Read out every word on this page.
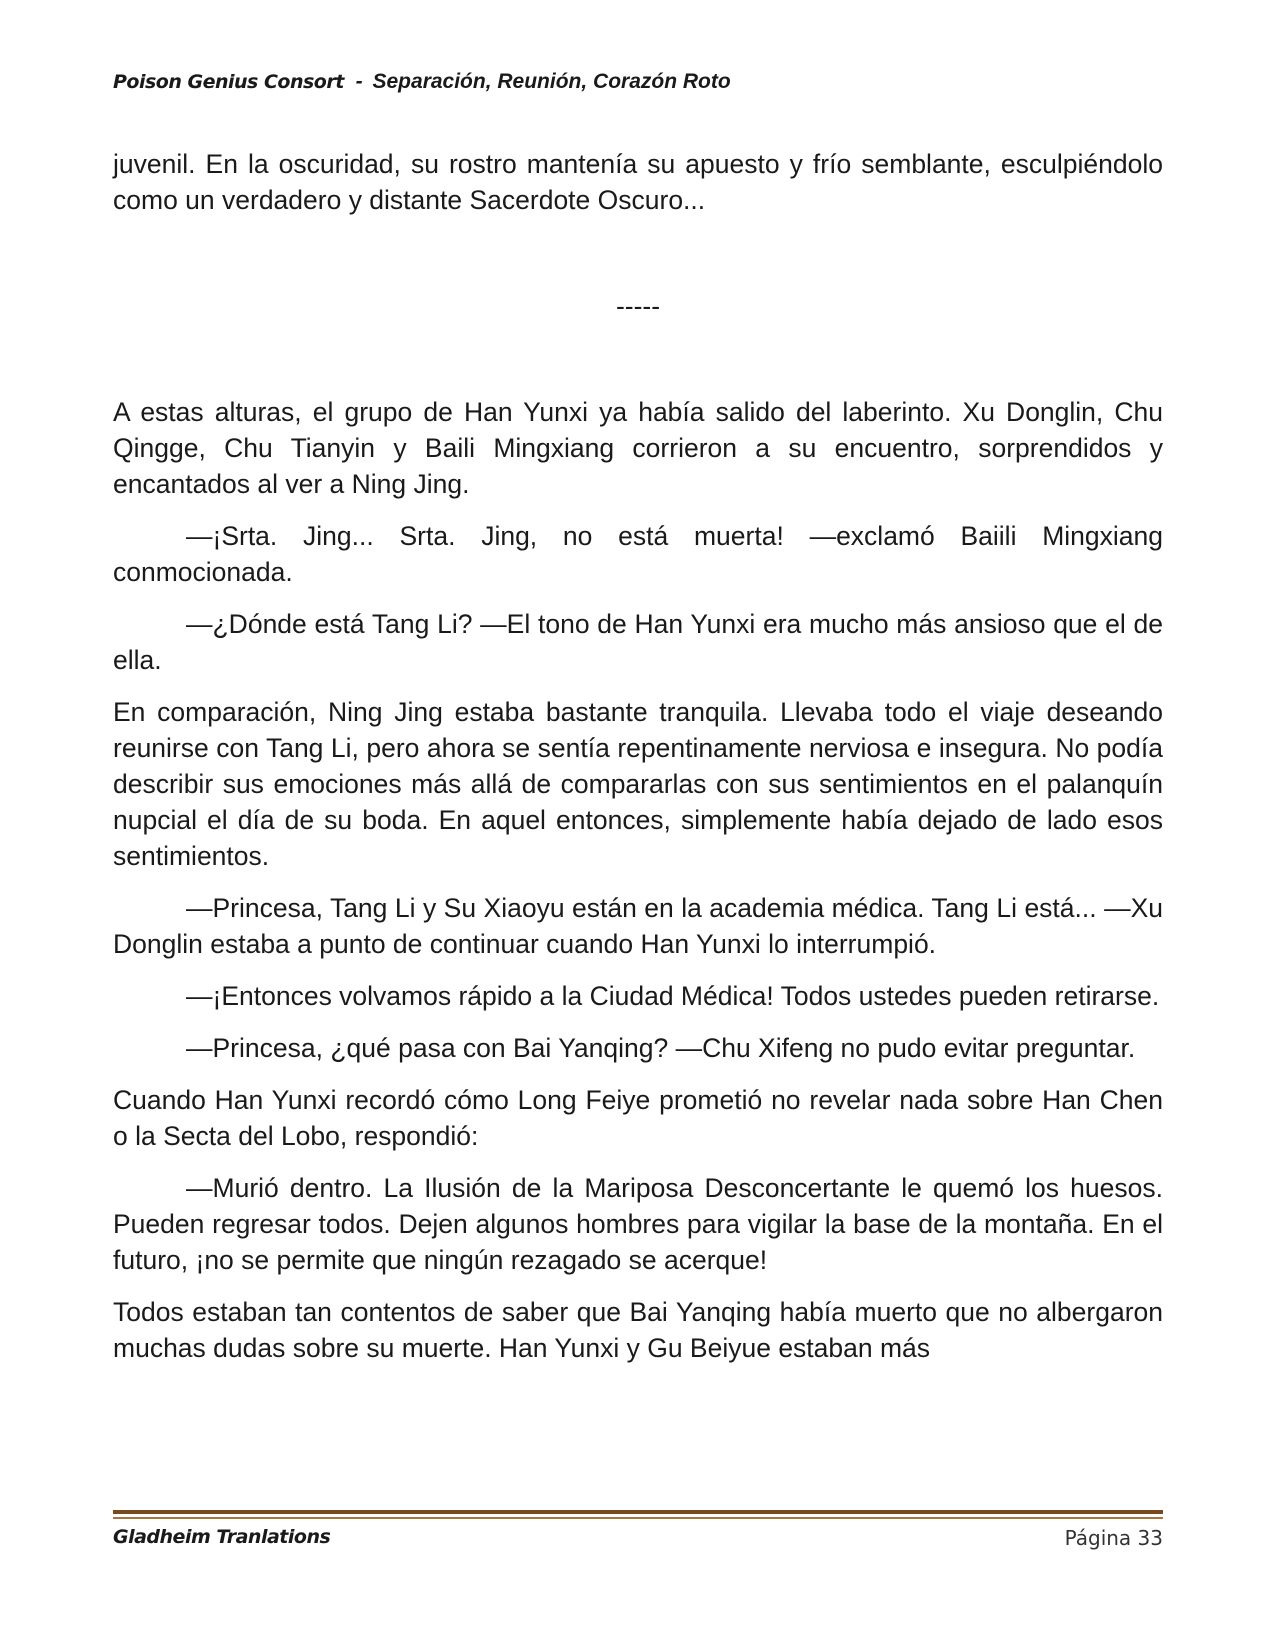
Poison Genius Consort - Separación, Reunión, Corazón Roto

juvenil. En la oscuridad, su rostro mantenía su apuesto y frío semblante, esculpiéndolo como un verdadero y distante Sacerdote Oscuro...

-----

A estas alturas, el grupo de Han Yunxi ya había salido del laberinto. Xu Donglin, Chu Qingge, Chu Tianyin y Baili Mingxiang corrieron a su encuentro, sorprendidos y encantados al ver a Ning Jing.

—¡Srta. Jing... Srta. Jing, no está muerta! —exclamó Baiili Mingxiang conmocionada.

—¿Dónde está Tang Li? —El tono de Han Yunxi era mucho más ansioso que el de ella.

En comparación, Ning Jing estaba bastante tranquila. Llevaba todo el viaje deseando reunirse con Tang Li, pero ahora se sentía repentinamente nerviosa e insegura. No podía describir sus emociones más allá de compararlas con sus sentimientos en el palanquín nupcial el día de su boda. En aquel entonces, simplemente había dejado de lado esos sentimientos.

—Princesa, Tang Li y Su Xiaoyu están en la academia médica. Tang Li está... —Xu Donglin estaba a punto de continuar cuando Han Yunxi lo interrumpió.

—¡Entonces volvamos rápido a la Ciudad Médica! Todos ustedes pueden retirarse.

—Princesa, ¿qué pasa con Bai Yanqing? —Chu Xifeng no pudo evitar preguntar.

Cuando Han Yunxi recordó cómo Long Feiye prometió no revelar nada sobre Han Chen o la Secta del Lobo, respondió:

—Murió dentro. La Ilusión de la Mariposa Desconcertante le quemó los huesos. Pueden regresar todos. Dejen algunos hombres para vigilar la base de la montaña. En el futuro, ¡no se permite que ningún rezagado se acerque!

Todos estaban tan contentos de saber que Bai Yanqing había muerto que no albergaron muchas dudas sobre su muerte. Han Yunxi y Gu Beiyue estaban más

Gladheim Tranlations	Página 33
